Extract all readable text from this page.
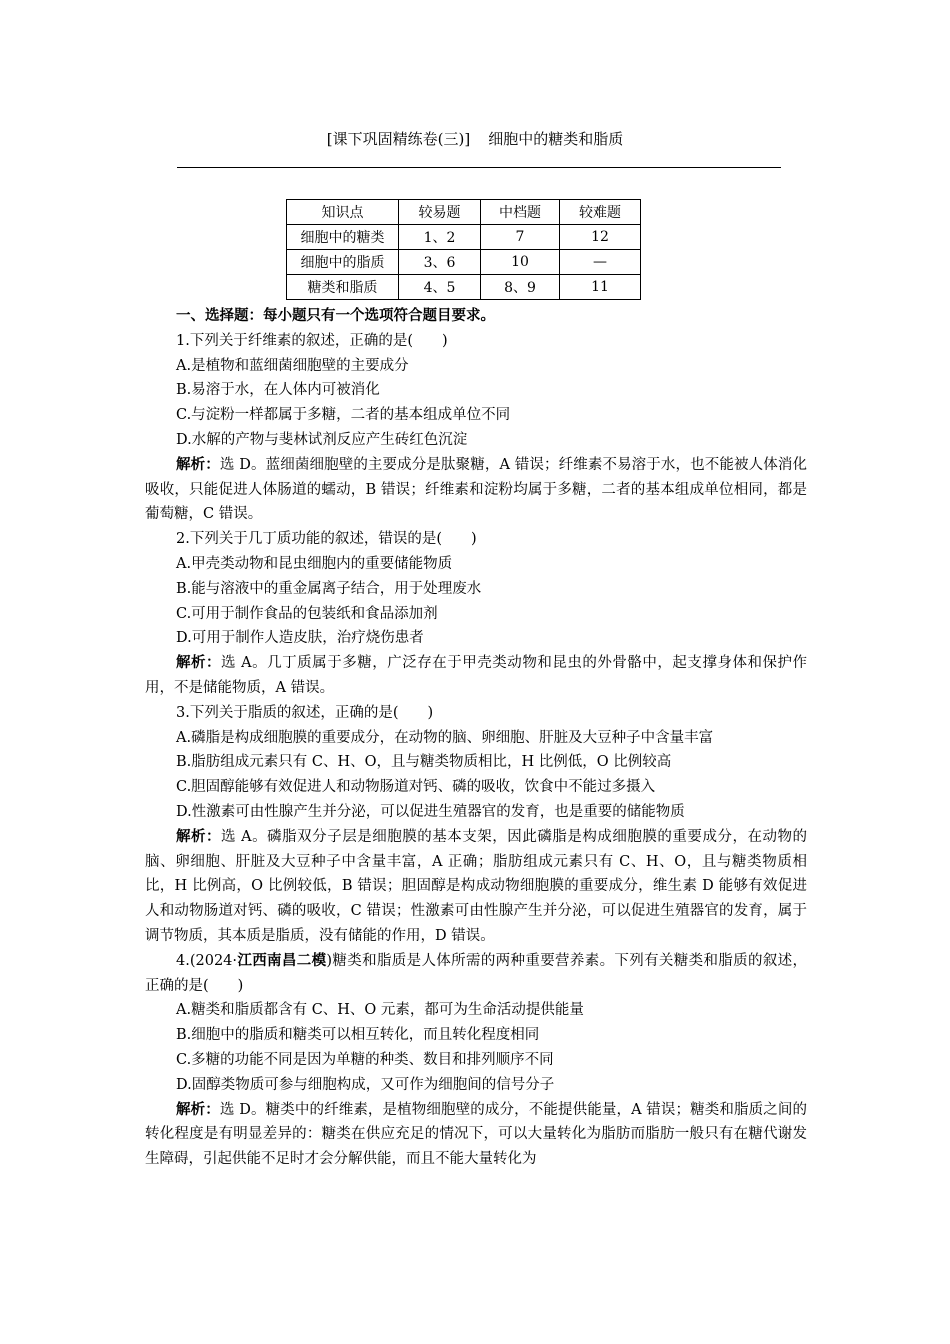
[课下巩固精练卷(三)] 细胞中的糖类和脂质
知识点	较易题	中档题	较难题
细胞中的糖类	1、2	7	12
细胞中的脂质	3、6	10	—
糖类和脂质	4、5	8、9	11

一、选择题：每小题只有一个选项符合题目要求。

1.下列关于纤维素的叙述，正确的是(　　)

A.是植物和蓝细菌细胞壁的主要成分

B.易溶于水，在人体内可被消化

C.与淀粉一样都属于多糖，二者的基本组成单位不同

D.水解的产物与斐林试剂反应产生砖红色沉淀

解析：选 D。蓝细菌细胞壁的主要成分是肽聚糖，A 错误；纤维素不易溶于水，也不能被人体消化吸收，只能促进人体肠道的蠕动，B 错误；纤维素和淀粉均属于多糖，二者的基本组成单位相同，都是葡萄糖，C 错误。

2.下列关于几丁质功能的叙述，错误的是(　　)

A.甲壳类动物和昆虫细胞内的重要储能物质

B.能与溶液中的重金属离子结合，用于处理废水

C.可用于制作食品的包装纸和食品添加剂

D.可用于制作人造皮肤，治疗烧伤患者

解析：选 A。几丁质属于多糖，广泛存在于甲壳类动物和昆虫的外骨骼中，起支撑身体和保护作用，不是储能物质，A 错误。

3.下列关于脂质的叙述，正确的是(　　)

A.磷脂是构成细胞膜的重要成分，在动物的脑、卵细胞、肝脏及大豆种子中含量丰富

B.脂肪组成元素只有 C、H、O，且与糖类物质相比，H 比例低，O 比例较高

C.胆固醇能够有效促进人和动物肠道对钙、磷的吸收，饮食中不能过多摄入

D.性激素可由性腺产生并分泌，可以促进生殖器官的发育，也是重要的储能物质

解析：选 A。磷脂双分子层是细胞膜的基本支架，因此磷脂是构成细胞膜的重要成分，在动物的脑、卵细胞、肝脏及大豆种子中含量丰富，A 正确；脂肪组成元素只有 C、H、O，且与糖类物质相比，H 比例高，O 比例较低，B 错误；胆固醇是构成动物细胞膜的重要成分，维生素 D 能够有效促进人和动物肠道对钙、磷的吸收，C 错误；性激素可由性腺产生并分泌，可以促进生殖器官的发育，属于调节物质，其本质是脂质，没有储能的作用，D 错误。

4.(2024·江西南昌二模)糖类和脂质是人体所需的两种重要营养素。下列有关糖类和脂质的叙述，正确的是(　　)

A.糖类和脂质都含有 C、H、O 元素，都可为生命活动提供能量

B.细胞中的脂质和糖类可以相互转化，而且转化程度相同

C.多糖的功能不同是因为单糖的种类、数目和排列顺序不同

D.固醇类物质可参与细胞构成，又可作为细胞间的信号分子

解析：选 D。糖类中的纤维素，是植物细胞壁的成分，不能提供能量，A 错误；糖类和脂质之间的转化程度是有明显差异的：糖类在供应充足的情况下，可以大量转化为脂肪而脂肪一般只有在糖代谢发生障碍，引起供能不足时才会分解供能，而且不能大量转化为
